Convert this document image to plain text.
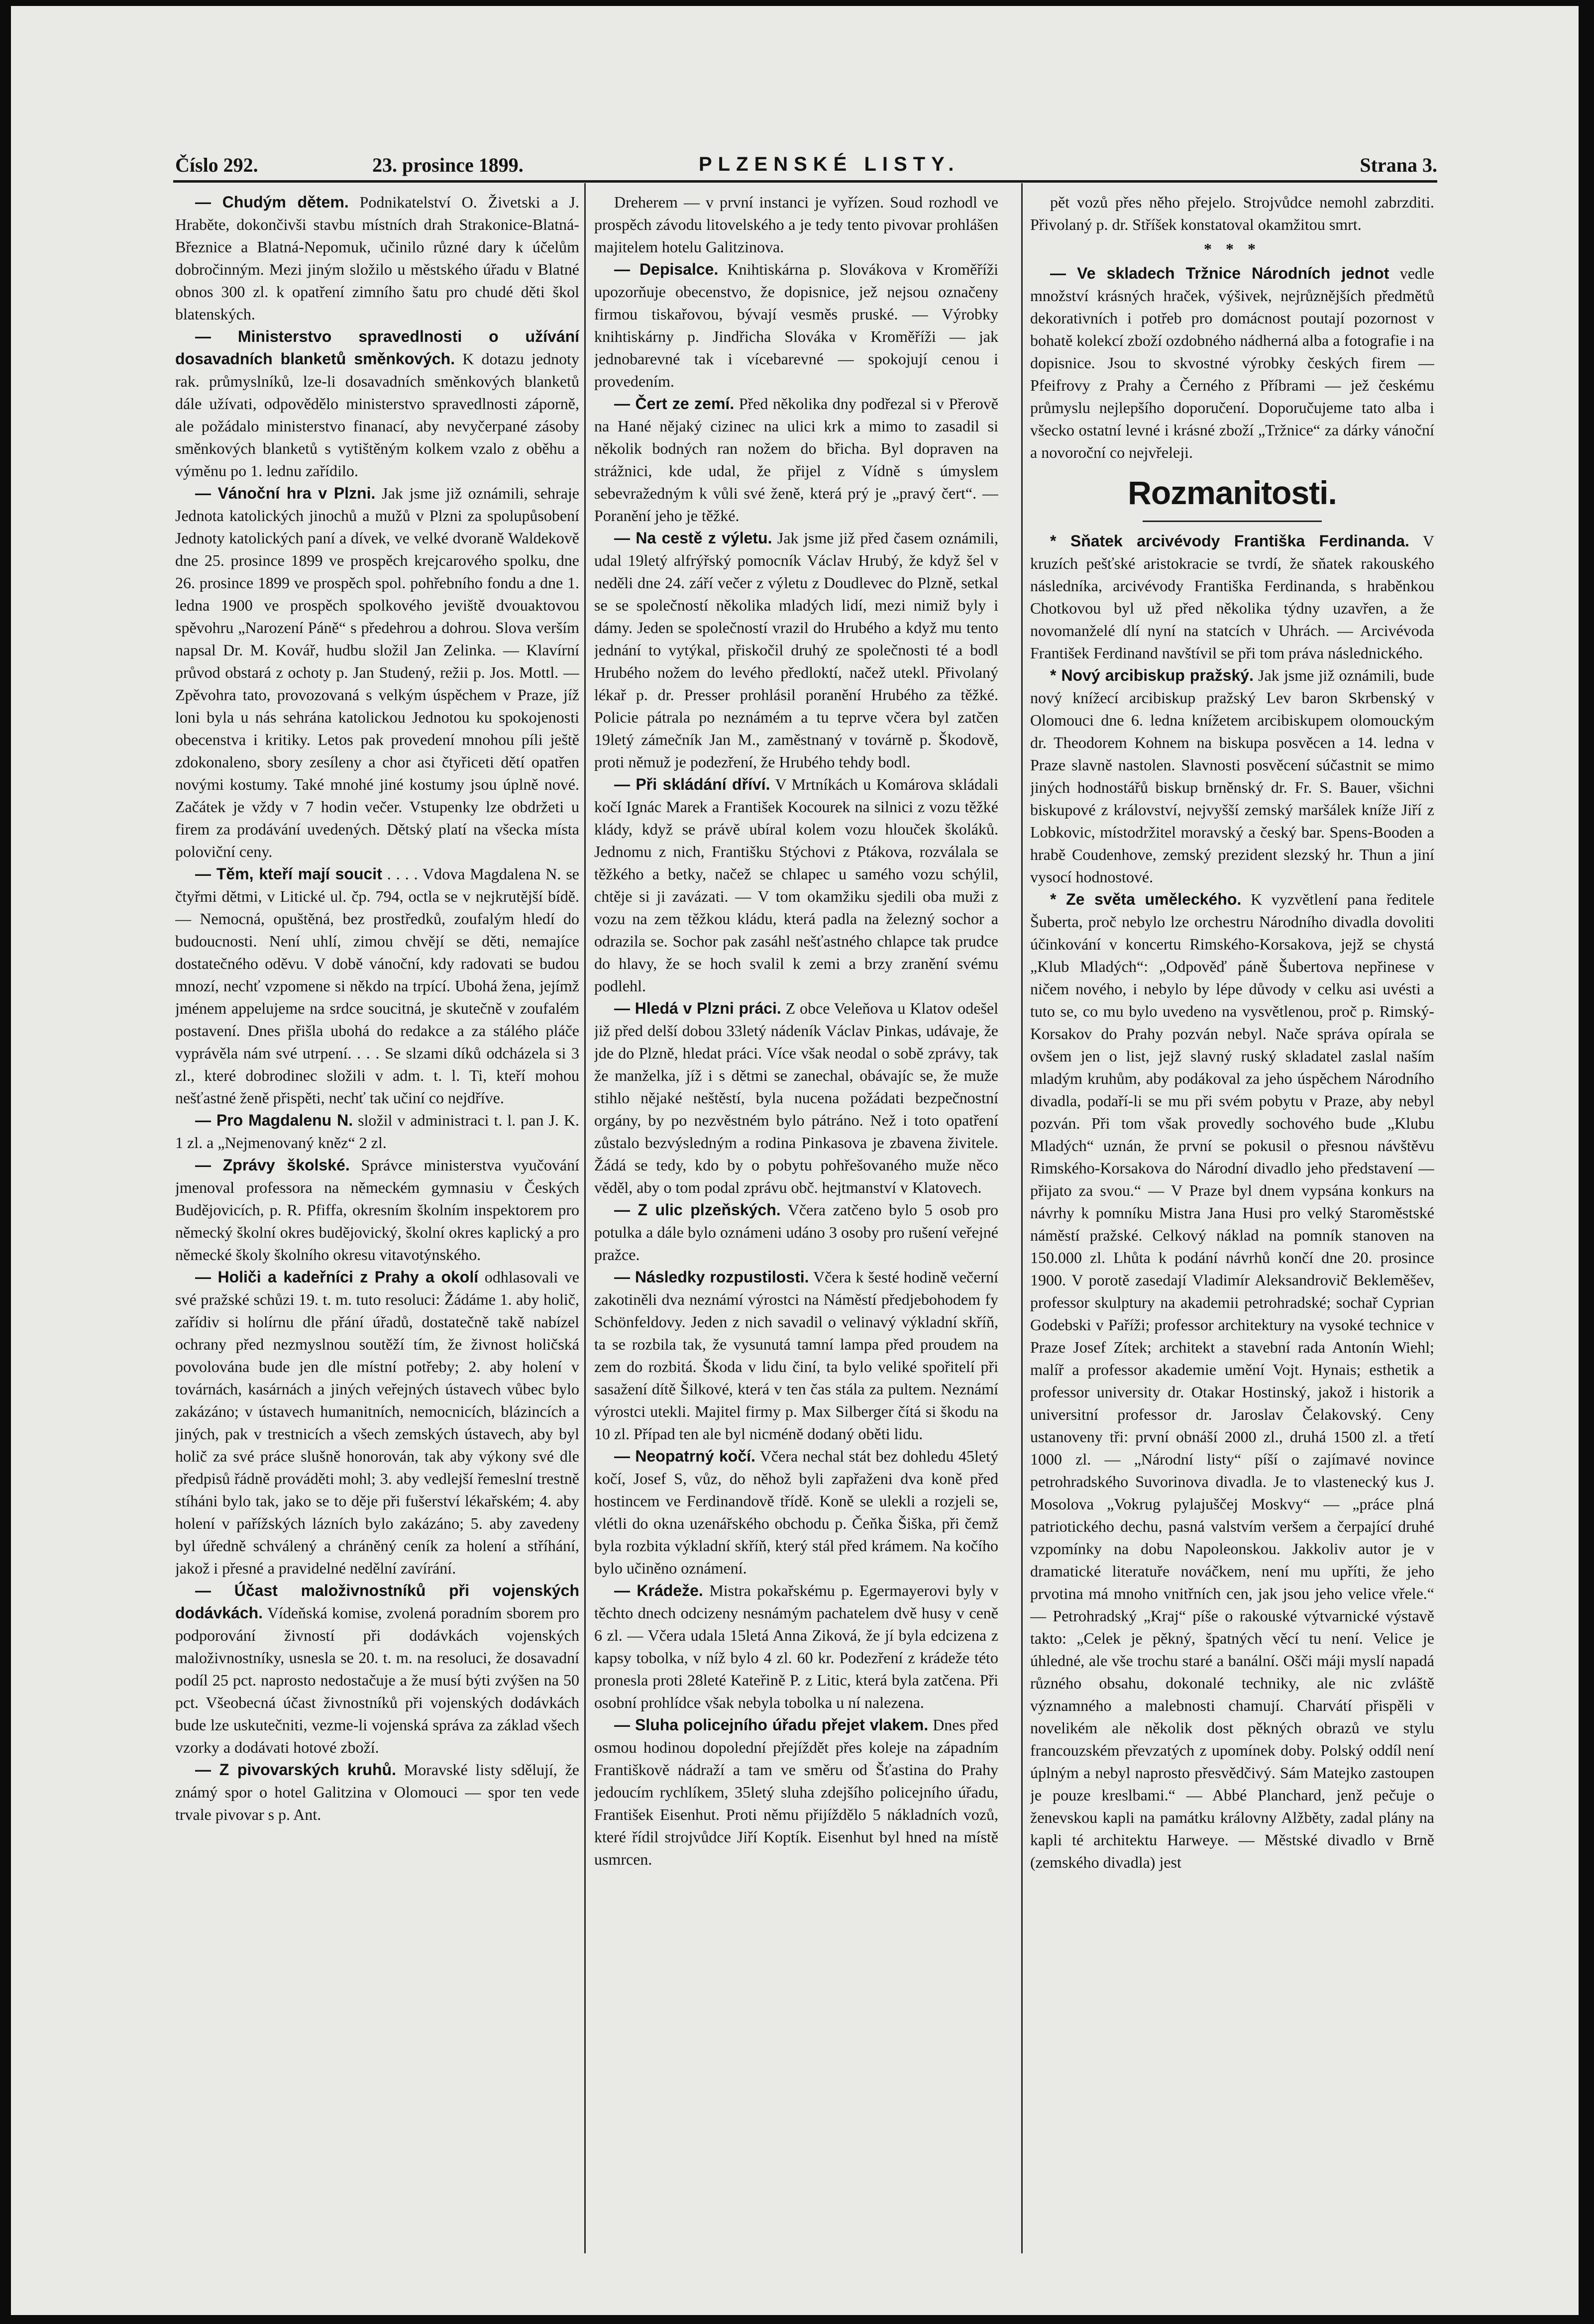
Číslo 292.	23. prosince 1899.	PLZENSKÉ LISTY.	Strana 3.

— Chudým dětem. Podnikatelství O. Živetski a J. Hraběte, dokončivši stavbu místních drah Strakonice-Blatná-Březnice a Blatná-Nepomuk, učinilo různé dary k účelům dobročinným. Mezi jiným složilo u městského úřadu v Blatné obnos 300 zl. k opatření zimního šatu pro chudé děti škol blatenských.

— Ministerstvo spravedlnosti o užívání dosavadních blanketů směnkových. K dotazu jednoty rak. průmyslníků, lze-li dosavadních směnkových blanketů dále užívati, odpovědělo ministerstvo spravedlnosti záporně, ale požádalo ministerstvo finanací, aby nevyčerpané zásoby směnkových blanketů s vytištěným kolkem vzalo z oběhu a výměnu po 1. lednu zařídilo.

— Vánoční hra v Plzni. Jak jsme již oznámili, sehraje Jednota katolických jinochů a mužů v Plzni za spolupůsobení Jednoty katolických paní a dívek, ve velké dvoraně Waldekově dne 25. prosince 1899 ve prospěch krejcarového spolku, dne 26. prosince 1899 ve prospěch spol. pohřebního fondu a dne 1. ledna 1900 ve prospěch spolkového jeviště dvouaktovou spěvohru „Narození Páně“ s předehrou a dohrou. Slova verším napsal Dr. M. Kovář, hudbu složil Jan Zelinka. — Klavírní průvod obstará z ochoty p. Jan Studený, režii p. Jos. Mottl. — Zpěvohra tato, provozovaná s velkým úspěchem v Praze, jíž loni byla u nás sehrána katolickou Jednotou ku spokojenosti obecenstva i kritiky. Letos pak provedení mnohou píli ještě zdokonaleno, sbory zesíleny a chor asi čtyřiceti dětí opatřen novými kostumy. Také mnohé jiné kostumy jsou úplně nové. Začátek je vždy v 7 hodin večer. Vstupenky lze obdržeti u firem za prodávání uvedených. Dětský platí na všecka místa poloviční ceny.

— Těm, kteří mají soucit . . . . Vdova Magdalena N. se čtyřmi dětmi, v Litické ul. čp. 794, octla se v nejkrutější bídě. — Nemocná, opuštěná, bez prostředků, zoufalým hledí do budoucnosti. Není uhlí, zimou chvějí se děti, nemajíce dostatečného oděvu. V době vánoční, kdy radovati se budou mnozí, nechť vzpomene si někdo na trpící. Ubohá žena, jejímž jménem appelujeme na srdce soucitná, je skutečně v zoufalém postavení. Dnes přišla ubohá do redakce a za stálého pláče vyprávěla nám své utrpení. . . . Se slzami díků odcházela si 3 zl., které dobrodinec složili v adm. t. l. Ti, kteří mohou nešťastné ženě přispěti, nechť tak učiní co nejdříve.

— Pro Magdalenu N. složil v administraci t. l. pan J. K. 1 zl. a „Nejmenovaný kněz“ 2 zl.

— Zprávy školské. Správce ministerstva vyučování jmenoval professora na německém gymnasiu v Českých Budějovicích, p. R. Pfiffa, okresním školním inspektorem pro německý školní okres budějovický, školní okres kaplický a pro německé školy školního okresu vitavotýnského.

— Holiči a kadeřníci z Prahy a okolí odhlasovali ve své pražské schůzi 19. t. m. tuto resoluci: Žádáme 1. aby holič, zařídiv si holírnu dle přání úřadů, dostatečně takě nabízel ochrany před nezmyslnou soutěží tím, že živnost holičská povolována bude jen dle místní potřeby; 2. aby holení v továrnách, kasárnách a jiných veřejných ústavech vůbec bylo zakázáno; v ústavech humanitních, nemocnicích, blázincích a jiných, pak v trestnicích a všech zemských ústavech, aby byl holič za své práce slušně honorován, tak aby výkony své dle předpisů řádně prováděti mohl; 3. aby vedlejší řemeslní trestně stíháni bylo tak, jako se to děje při fušerství lékařském; 4. aby holení v pařížských lázních bylo zakázáno; 5. aby zavedeny byl úředně schválený a chráněný ceník za holení a stříhání, jakož i přesné a pravidelné nedělní zavírání.

— Účast maloživnostníků při vojenských dodávkách. Vídeňská komise, zvolená poradním sborem pro podporování živností při dodávkách vojenských maloživnostníky, usnesla se 20. t. m. na resoluci, že dosavadní podíl 25 pct. naprosto nedostačuje a že musí býti zvýšen na 50 pct. Všeobecná účast živnostníků při vojenských dodávkách bude lze uskutečniti, vezme-li vojenská správa za základ všech vzorky a dodávati hotové zboží.

— Z pivovarských kruhů. Moravské listy sdělují, že známý spor o hotel Galitzina v Olomouci — spor ten vede trvale pivovar s p. Ant.

Dreherem — v první instanci je vyřízen. Soud rozhodl ve prospěch závodu litovelského a je tedy tento pivovar prohlášen majitelem hotelu Galitzinova.

— Depisalce. Knihtiskárna p. Slovákova v Kroměříži upozorňuje obecenstvo, že dopisnice, jež nejsou označeny firmou tiskařovou, bývají vesměs pruské. — Výrobky knihtiskárny p. Jindřicha Slováka v Kroměříži — jak jednobarevné tak i vícebarevné — spokojují cenou i provedením.

— Čert ze zemí. Před několika dny podřezal si v Přerově na Hané nějaký cizinec na ulici krk a mimo to zasadil si několik bodných ran nožem do břicha. Byl dopraven na strážnici, kde udal, že přijel z Vídně s úmyslem sebevražedným k vůli své ženě, která prý je „pravý čert“. — Poranění jeho je těžké.

— Na cestě z výletu. Jak jsme již před časem oznámili, udal 19letý alfrýřský pomocník Václav Hrubý, že když šel v neděli dne 24. září večer z výletu z Doudlevec do Plzně, setkal se se společností několika mladých lidí, mezi nimiž byly i dámy. Jeden se společností vrazil do Hrubého a když mu tento jednání to vytýkal, přiskočil druhý ze společnosti té a bodl Hrubého nožem do levého předloktí, načež utekl. Přivolaný lékař p. dr. Presser prohlásil poranění Hrubého za těžké. Policie pátrala po neznámém a tu teprve včera byl zatčen 19letý zámečník Jan M., zaměstnaný v továrně p. Škodově, proti němuž je podezření, že Hrubého tehdy bodl.

— Při skládání dříví. V Mrtníkách u Komárova skládali kočí Ignác Marek a František Kocourek na silnici z vozu těžké klády, když se právě ubíral kolem vozu hlouček školáků. Jednomu z nich, Františku Stýchovi z Ptákova, rozválala se těžkého a betky, načež se chlapec u samého vozu schýlil, chtěje si ji zavázati. — V tom okamžiku sjedili oba muži z vozu na zem těžkou kládu, která padla na železný sochor a odrazila se. Sochor pak zasáhl nešťastného chlapce tak prudce do hlavy, že se hoch svalil k zemi a brzy zranění svému podlehl.

— Hledá v Plzni práci. Z obce Veleňova u Klatov odešel již před delší dobou 33letý nádeník Václav Pinkas, udávaje, že jde do Plzně, hledat práci. Více však neodal o sobě zprávy, tak že manželka, jíž i s dětmi se zanechal, obávajíc se, že muže stihlo nějaké neštěstí, byla nucena požádati bezpečnostní orgány, by po nezvěstném bylo pátráno. Než i toto opatření zůstalo bezvýsledným a rodina Pinkasova je zbavena živitele. Žádá se tedy, kdo by o pobytu pohřešovaného muže něco věděl, aby o tom podal zprávu obč. hejtmanství v Klatovech.

— Z ulic plzeňských. Včera zatčeno bylo 5 osob pro potulka a dále bylo oznámeni udáno 3 osoby pro rušení veřejné pražce.

— Následky rozpustilosti. Včera k šesté hodině večerní zakotiněli dva neznámí výrostci na Náměstí předjebohodem fy Schönfeldovy. Jeden z nich savadil o velinavý výkladní skříň, ta se rozbila tak, že vysunutá tamní lampa před proudem na zem do rozbitá. Škoda v lidu činí, ta bylo veliké spořitelí při sasažení dítě Šilkové, která v ten čas stála za pultem. Neznámí výrostci utekli. Majitel firmy p. Max Silberger čítá si škodu na 10 zl. Případ ten ale byl nicméně dodaný oběti lidu.

— Neopatrný kočí. Včera nechal stát bez dohledu 45letý kočí, Josef S, vůz, do něhož byli zapřaženi dva koně před hostincem ve Ferdinandově třídě. Koně se ulekli a rozjeli se, vlétli do okna uzenářského obchodu p. Čeňka Šiška, při čemž byla rozbita výkladní skříň, který stál před krámem. Na kočího bylo učiněno oznámení.

— Krádeže. Mistra pokařskému p. Egermayerovi byly v těchto dnech odcizeny nesnámým pachatelem dvě husy v ceně 6 zl. — Včera udala 15letá Anna Ziková, že jí byla edcizena z kapsy tobolka, v níž bylo 4 zl. 60 kr. Podezření z krádeže této pronesla proti 28leté Kateřině P. z Litic, která byla zatčena. Při osobní prohlídce však nebyla tobolka u ní nalezena.

— Sluha policejního úřadu přejet vlakem. Dnes před osmou hodinou dopolední přejíždět přes koleje na západním Františkově nádraží a tam ve směru od Šťastina do Prahy jedoucím rychlíkem, 35letý sluha zdejšího policejního úřadu, František Eisenhut. Proti němu přijíždělo 5 nákladních vozů, které řídil strojvůdce Jiří Koptík. Eisenhut byl hned na místě usmrcen.

pět vozů přes něho přejelo. Strojvůdce nemohl zabrzditi. Přivolaný p. dr. Stříšek konstatoval okamžitou smrt.

* * *

— Ve skladech Tržnice Národních jednot vedle množství krásných hraček, výšivek, nejrůznějších předmětů dekorativních i potřeb pro domácnost poutají pozornost v bohatě kolekcí zboží ozdobného nádherná alba a fotografie i na dopisnice. Jsou to skvostné výrobky českých firem — Pfeifrovy z Prahy a Černého z Příbrami — jež českému průmyslu nejlepšího doporučení. Doporučujeme tato alba i všecko ostatní levné i krásné zboží „Tržnice“ za dárky vánoční a novoroční co nejvřeleji.

Rozmanitosti.

* Sňatek arcivévody Františka Ferdinanda. V kruzích pešťské aristokracie se tvrdí, že sňatek rakouského následníka, arcivévody Františka Ferdinanda, s hraběnkou Chotkovou byl už před několika týdny uzavřen, a že novomanželé dlí nyní na statcích v Uhrách. — Arcivévoda František Ferdinand navštívil se při tom práva následnického.

* Nový arcibiskup pražský. Jak jsme již oznámili, bude nový knížecí arcibiskup pražský Lev baron Skrbenský v Olomouci dne 6. ledna knížetem arcibiskupem olomouckým dr. Theodorem Kohnem na biskupa posvěcen a 14. ledna v Praze slavně nastolen. Slavnosti posvěcení súčastnit se mimo jiných hodnostářů biskup brněnský dr. Fr. S. Bauer, všichni biskupové z království, nejvyšší zemský maršálek kníže Jiří z Lobkovic, místodržitel moravský a český bar. Spens-Booden a hrabě Coudenhove, zemský prezident slezský hr. Thun a jiní vysocí hodnostové.

* Ze světa uměleckého. K vyzvětlení pana ředitele Šuberta, proč nebylo lze orchestru Národního divadla dovoliti účinkování v koncertu Rimského-Korsakova, jejž se chystá „Klub Mladých“: „Odpověď páně Šubertova nepřinese v ničem nového, i nebylo by lépe důvody v celku asi uvésti a tuto se, co mu bylo uvedeno na vysvětlenou, proč p. Rimský-Korsakov do Prahy pozván nebyl. Nače správa opírala se ovšem jen o list, jejž slavný ruský skladatel zaslal naším mladým kruhům, aby podákoval za jeho úspěchem Národního divadla, podaří-li se mu při svém pobytu v Praze, aby nebyl pozván. Při tom však provedly sochového bude „Klubu Mladých“ uznán, že první se pokusil o přesnou návštěvu Rimského-Korsakova do Národní divadlo jeho představení — přijato za svou.“ — V Praze byl dnem vypsána konkurs na návrhy k pomníku Mistra Jana Husi pro velký Staroměstské náměstí pražské. Celkový náklad na pomník stanoven na 150.000 zl. Lhůta k podání návrhů končí dne 20. prosince 1900. V porotě zasedají Vladimír Aleksandrovič Bekleměšev, professor skulptury na akademii petrohradské; sochař Cyprian Godebski v Paříži; professor architektury na vysoké technice v Praze Josef Zítek; architekt a stavební rada Antonín Wiehl; malíř a professor akademie umění Vojt. Hynais; esthetik a professor university dr. Otakar Hostinský, jakož i historik a universitní professor dr. Jaroslav Čelakovský. Ceny ustanoveny tři: první obnáší 2000 zl., druhá 1500 zl. a třetí 1000 zl. — „Národní listy“ píší o zajímavé novince petrohradského Suvorinova divadla. Je to vlastenecký kus J. Mosolova „Vokrug pylajuščej Moskvy“ — „práce plná patriotického dechu, pasná valstvím veršem a čerpající druhé vzpomínky na dobu Napoleonskou. Jakkoliv autor je v dramatické literatuře nováčkem, není mu upříti, že jeho prvotina má mnoho vnitřních cen, jak jsou jeho velice vřele.“ — Petrohradský „Kraj“ píše o rakouské výtvarnické výstavě takto: „Celek je pěkný, špatných věcí tu není. Velice je úhledné, ale vše trochu staré a banální. Ošči máji myslí napadá různého obsahu, dokonalé techniky, ale nic zvláště významného a malebnosti chamují. Charvátí přispěli v novelikém ale několik dost pěkných obrazů ve stylu francouzském převzatých z upomínek doby. Polský oddíl není úplným a nebyl naprosto přesvědčivý. Sám Matejko zastoupen je pouze kreslbami.“ — Abbé Planchard, jenž pečuje o ženevskou kapli na památku královny Alžběty, zadal plány na kapli té architektu Harweye. — Městské divadlo v Brně (zemského divadla) jest
